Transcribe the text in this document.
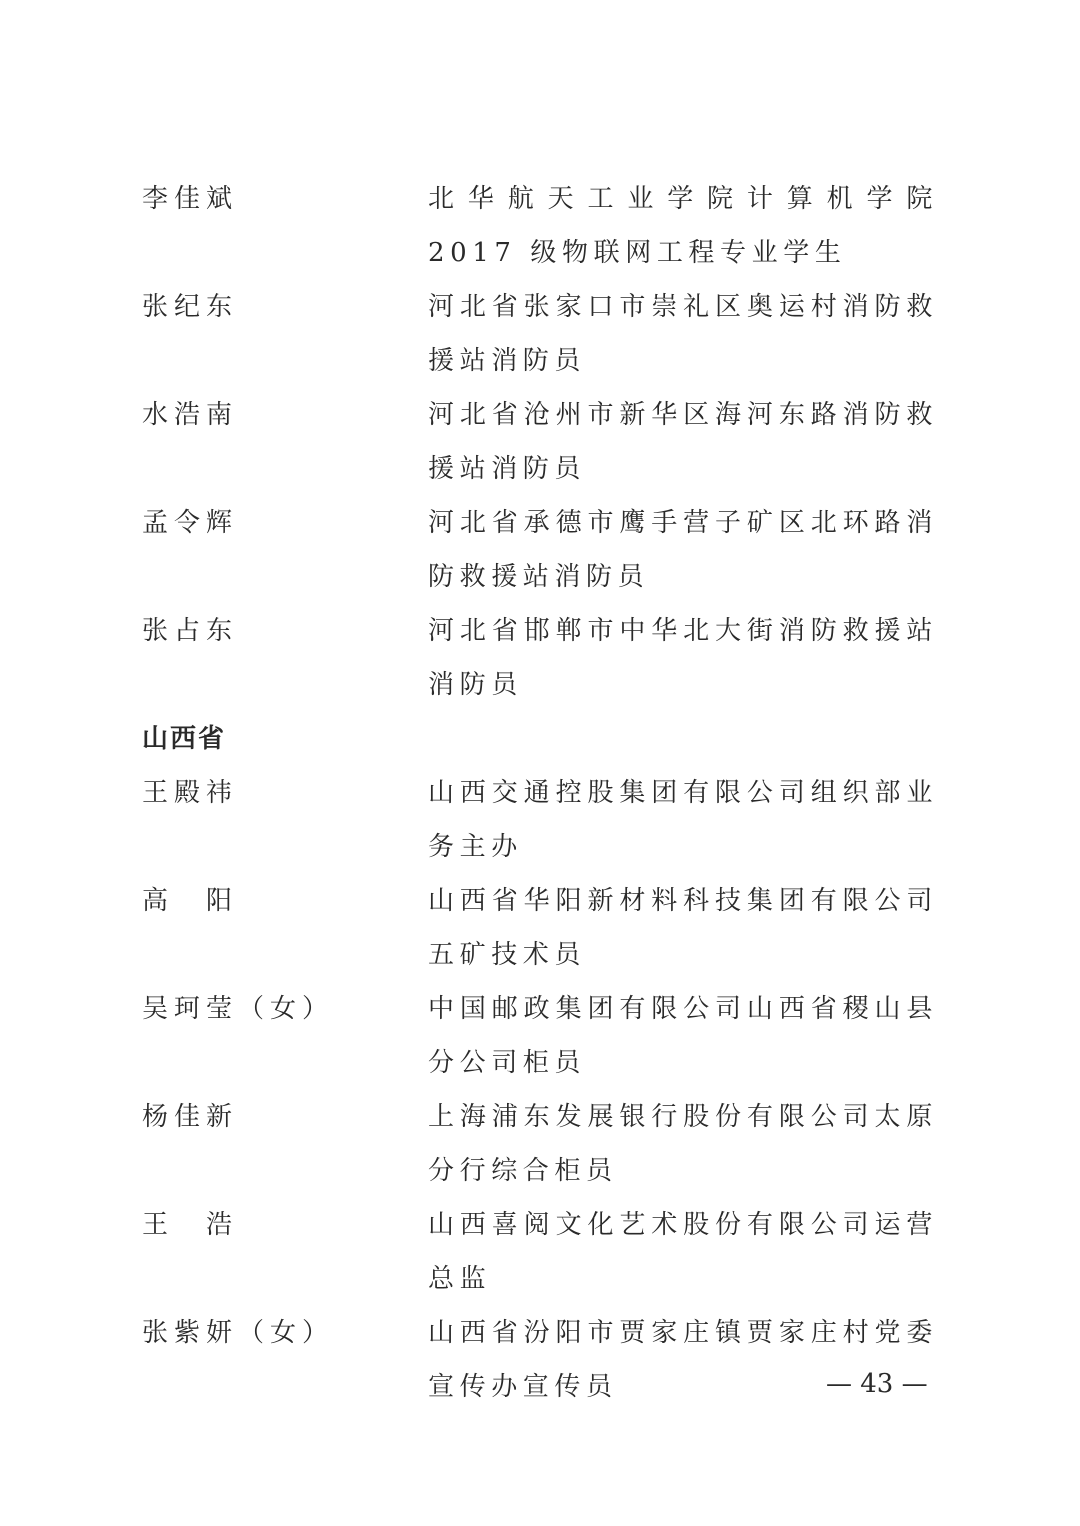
李佳斌	北华航天工业学院计算机学院 2017 级物联网工程专业学生
张纪东	河北省张家口市崇礼区奥运村消防救援站消防员
水浩南	河北省沧州市新华区海河东路消防救援站消防员
孟令辉	河北省承德市鹰手营子矿区北环路消防救援站消防员
张占东	河北省邯郸市中华北大街消防救援站消防员
山西省
王殿祎	山西交通控股集团有限公司组织部业务主办
高　阳	山西省华阳新材料科技集团有限公司五矿技术员
吴珂莹（女）	中国邮政集团有限公司山西省稷山县分公司柜员
杨佳新	上海浦东发展银行股份有限公司太原分行综合柜员
王　浩	山西喜阅文化艺术股份有限公司运营总监
张紫妍（女）	山西省汾阳市贾家庄镇贾家庄村党委宣传办宣传员	— 43 —
